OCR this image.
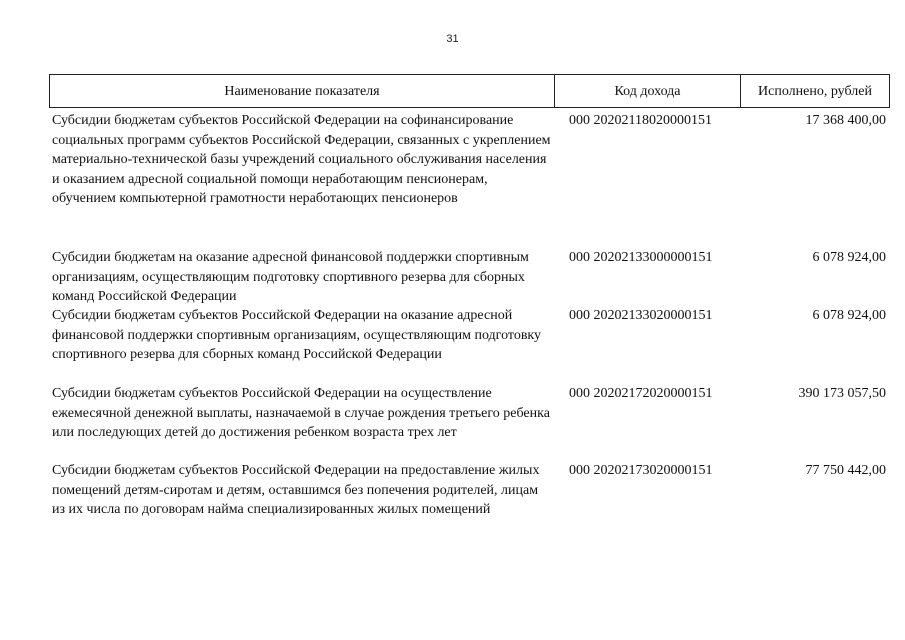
31
Наименование показателя	Код дохода	Исполнено, рублей
Субсидии бюджетам субъектов Российской Федерации на софинансирование социальных программ субъектов Российской Федерации, связанных с укреплением материально-технической базы учреждений социального обслуживания населения и оказанием адресной социальной помощи неработающим пенсионерам, обучением компьютерной грамотности неработающих пенсионеров
000 20202118020000151	17 368 400,00
Субсидии бюджетам на оказание адресной финансовой поддержки спортивным организациям, осуществляющим подготовку спортивного резерва для сборных команд Российской Федерации
000 20202133000000151	6 078 924,00
Субсидии бюджетам субъектов Российской Федерации на оказание адресной финансовой поддержки спортивным организациям, осуществляющим подготовку спортивного резерва для сборных команд Российской Федерации
000 20202133020000151	6 078 924,00
Субсидии бюджетам субъектов Российской Федерации на осуществление ежемесячной денежной выплаты, назначаемой в случае рождения третьего ребенка или последующих детей до достижения ребенком возраста трех лет
000 20202172020000151	390 173 057,50
Субсидии бюджетам субъектов Российской Федерации на предоставление жилых помещений детям-сиротам и детям, оставшимся без попечения родителей, лицам из их числа по договорам найма специализированных жилых помещений
000 20202173020000151	77 750 442,00
